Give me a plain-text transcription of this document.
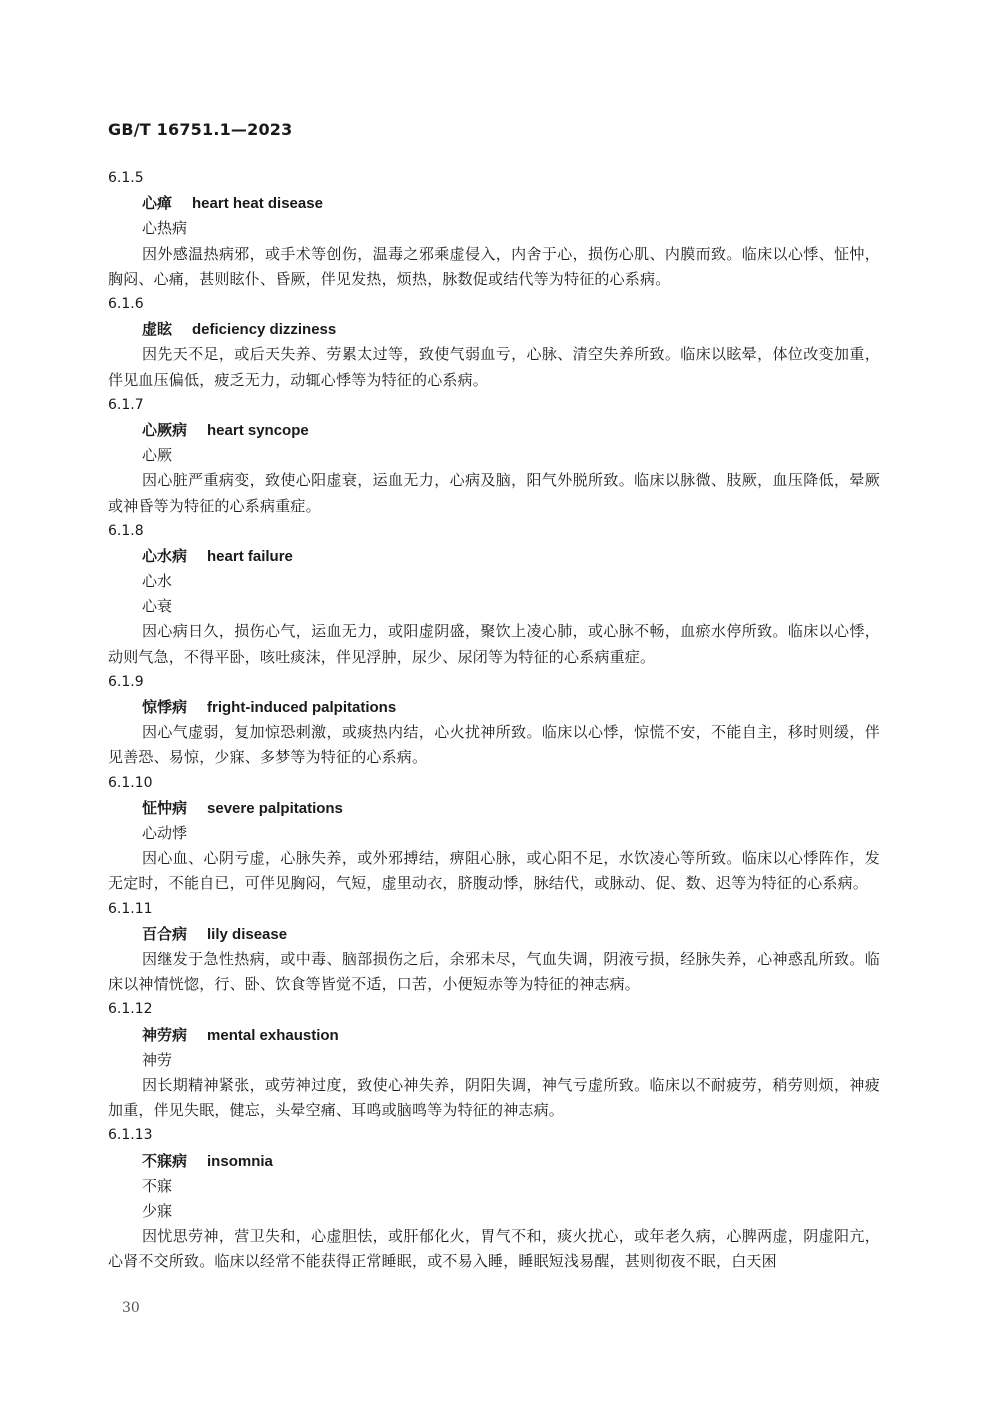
GB/T 16751.1—2023
6.1.5
心瘅 heart heat disease
心热病
因外感温热病邪，或手术等创伤，温毒之邪乘虚侵入，内舍于心，损伤心肌、内膜而致。临床以心悸、怔忡，胸闷、心痛，甚则眩仆、昏厥，伴见发热，烦热，脉数促或结代等为特征的心系病。
6.1.6
虚眩 deficiency dizziness
因先天不足，或后天失养、劳累太过等，致使气弱血亏，心脉、清空失养所致。临床以眩晕，体位改变加重，伴见血压偏低，疲乏无力，动辄心悸等为特征的心系病。
6.1.7
心厥病 heart syncope
心厥
因心脏严重病变，致使心阳虚衰，运血无力，心病及脑，阳气外脱所致。临床以脉微、肢厥，血压降低，晕厥或神昏等为特征的心系病重症。
6.1.8
心水病 heart failure
心水
心衰
因心病日久，损伤心气，运血无力，或阳虚阴盛，聚饮上凌心肺，或心脉不畅，血瘀水停所致。临床以心悸，动则气急，不得平卧，咳吐痰沫，伴见浮肿，尿少、尿闭等为特征的心系病重症。
6.1.9
惊悸病 fright-induced palpitations
因心气虚弱，复加惊恐刺激，或痰热内结，心火扰神所致。临床以心悸，惊慌不安，不能自主，移时则缓，伴见善恐、易惊，少寐、多梦等为特征的心系病。
6.1.10
怔忡病 severe palpitations
心动悸
因心血、心阴亏虚，心脉失养，或外邪搏结，痹阻心脉，或心阳不足，水饮凌心等所致。临床以心悸阵作，发无定时，不能自已，可伴见胸闷，气短，虚里动衣，脐腹动悸，脉结代，或脉动、促、数、迟等为特征的心系病。
6.1.11
百合病 lily disease
因继发于急性热病，或中毒、脑部损伤之后，余邪未尽，气血失调，阴液亏损，经脉失养，心神惑乱所致。临床以神情恍惚，行、卧、饮食等皆觉不适，口苦，小便短赤等为特征的神志病。
6.1.12
神劳病 mental exhaustion
神劳
因长期精神紧张，或劳神过度，致使心神失养，阴阳失调，神气亏虚所致。临床以不耐疲劳，稍劳则烦，神疲加重，伴见失眠，健忘，头晕空痛、耳鸣或脑鸣等为特征的神志病。
6.1.13
不寐病 insomnia
不寐
少寐
因忧思劳神，营卫失和，心虚胆怯，或肝郁化火，胃气不和，痰火扰心，或年老久病，心脾两虚，阴虚阳亢，心肾不交所致。临床以经常不能获得正常睡眠，或不易入睡，睡眠短浅易醒，甚则彻夜不眠，白天困
30
